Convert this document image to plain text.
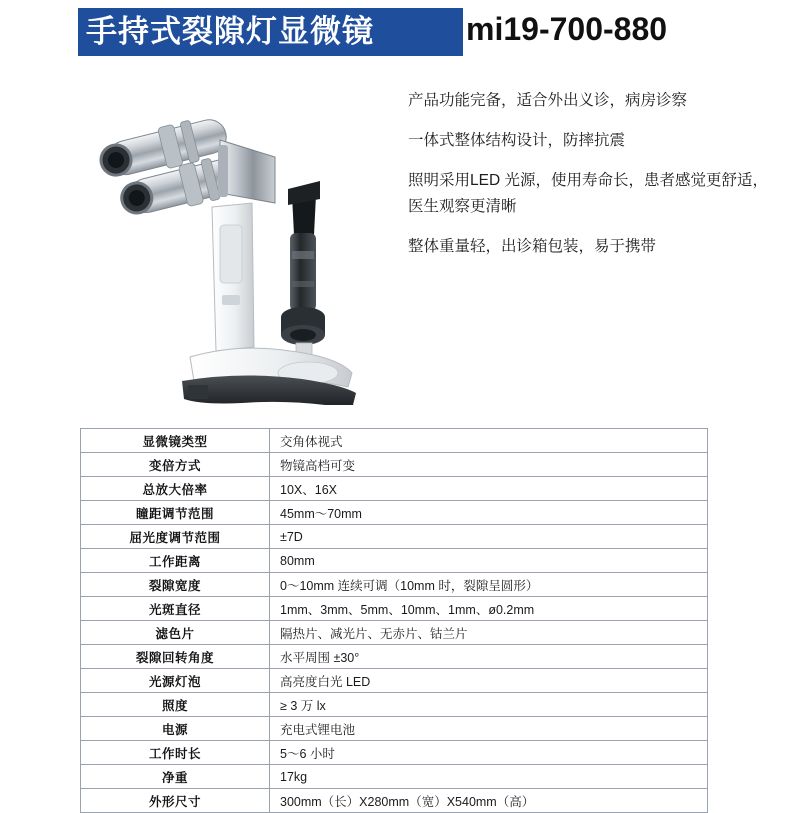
手持式裂隙灯显微镜	mi19-700-880
产品功能完备，适合外出义诊，病房诊察
一体式整体结构设计，防摔抗震
照明采用LED 光源，使用寿命长，患者感觉更舒适，医生观察更清晰
整体重量轻，出诊箱包装，易于携带
显微镜类型	交角体视式
变倍方式	物镜高档可变
总放大倍率	10X、16X
瞳距调节范围	45mm～70mm
屈光度调节范围	±7D
工作距离	80mm
裂隙宽度	0～10mm 连续可调（10mm 时，裂隙呈圆形）
光斑直径	1mm、3mm、5mm、10mm、1mm、ø0.2mm
滤色片	隔热片、减光片、无赤片、钴兰片
裂隙回转角度	水平周围 ±30°
光源灯泡	高亮度白光 LED
照度	≥ 3 万 lx
电源	充电式锂电池
工作时长	5～6 小时
净重	17kg
外形尺寸	300mm（长）X280mm（宽）X540mm（高）
